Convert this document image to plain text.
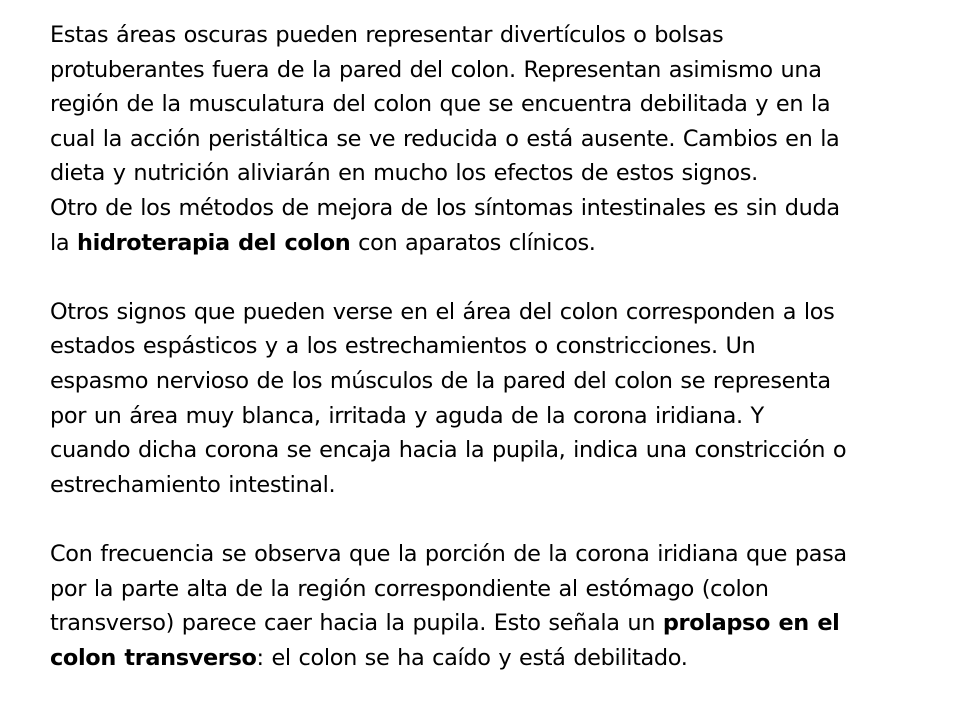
Estas áreas oscuras pueden representar divertículos o bolsas
protuberantes fuera de la pared del colon. Representan asimismo una
región de la musculatura del colon que se encuentra debilitada y en la
cual la acción peristáltica se ve reducida o está ausente. Cambios en la
dieta y nutrición aliviarán en mucho los efectos de estos signos.
Otro de los métodos de mejora de los síntomas intestinales es sin duda
la hidroterapia del colon con aparatos clínicos.
Otros signos que pueden verse en el área del colon corresponden a los
estados espásticos y a los estrechamientos o constricciones. Un
espasmo nervioso de los músculos de la pared del colon se representa
por un área muy blanca, irritada y aguda de la corona iridiana. Y
cuando dicha corona se encaja hacia la pupila, indica una constricción o
estrechamiento intestinal.
Con frecuencia se observa que la porción de la corona iridiana que pasa
por la parte alta de la región correspondiente al estómago (colon
transverso) parece caer hacia la pupila. Esto señala un prolapso en el
colon transverso: el colon se ha caído y está debilitado.
